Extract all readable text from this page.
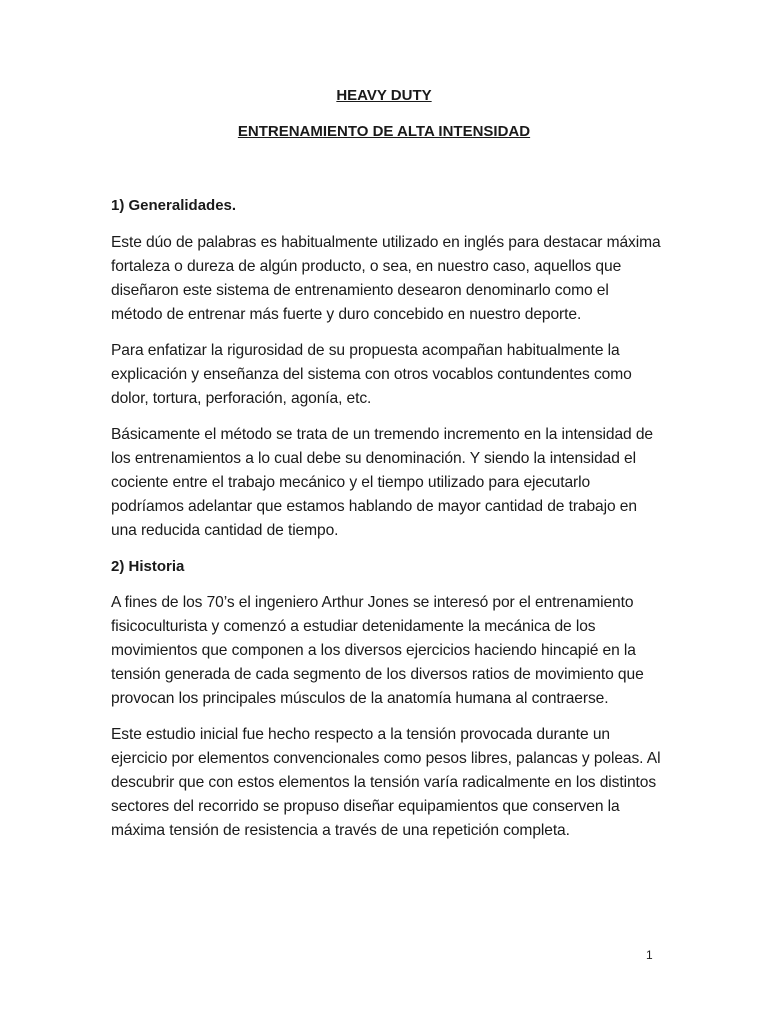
HEAVY DUTY
ENTRENAMIENTO DE ALTA INTENSIDAD
1) Generalidades.

Este dúo de palabras es habitualmente utilizado en inglés para destacar máxima fortaleza o dureza de algún producto, o sea, en nuestro caso, aquellos que diseñaron este sistema de entrenamiento desearon denominarlo como el método de entrenar más fuerte y duro concebido en nuestro deporte.

Para enfatizar la rigurosidad de su propuesta acompañan habitualmente la explicación y enseñanza del sistema con otros vocablos contundentes como dolor, tortura, perforación, agonía, etc.

Básicamente el método se trata de un tremendo incremento en la intensidad de los entrenamientos a lo cual debe su denominación. Y siendo la intensidad el cociente entre el trabajo mecánico y el tiempo utilizado para ejecutarlo podríamos adelantar que estamos hablando de mayor cantidad de trabajo en una reducida cantidad de tiempo.

2) Historia

A fines de los 70’s el ingeniero Arthur Jones se interesó por el entrenamiento fisicoculturista y comenzó a estudiar detenidamente la mecánica de los movimientos que componen a los diversos ejercicios haciendo hincapié en la tensión generada de cada segmento de los diversos ratios de movimiento que provocan los principales músculos de la anatomía humana al contraerse.

Este estudio inicial fue hecho respecto a la tensión provocada durante un ejercicio por elementos convencionales como pesos libres, palancas y poleas. Al descubrir que con estos elementos la tensión varía radicalmente en los distintos sectores del recorrido se propuso diseñar equipamientos que conserven la máxima tensión de resistencia a través de una repetición completa.

1
